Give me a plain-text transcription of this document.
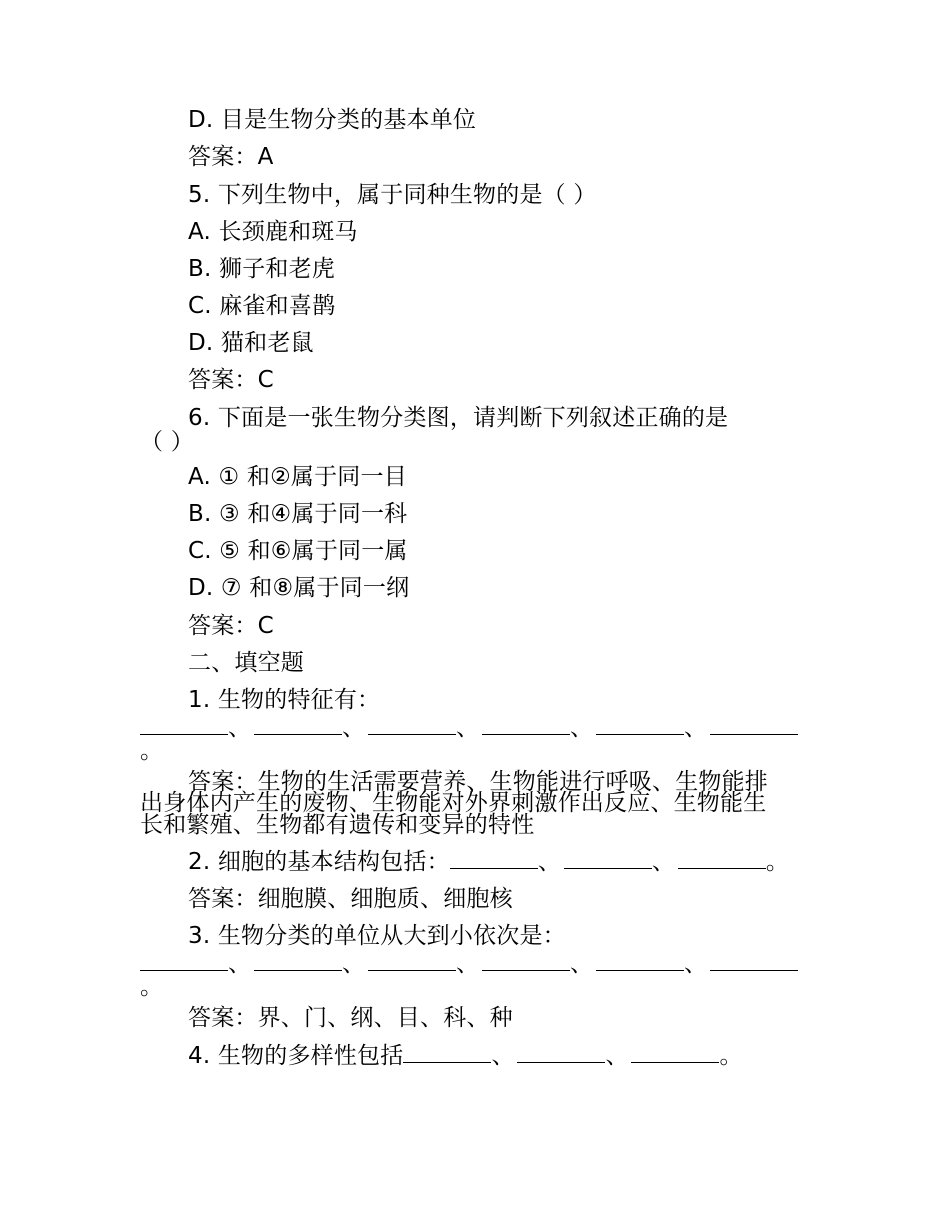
D. 目是生物分类的基本单位
答案：A
5. 下列生物中，属于同种生物的是（ ）
A. 长颈鹿和斑马
B. 狮子和老虎
C. 麻雀和喜鹊
D. 猫和老鼠
答案：C
6. 下面是一张生物分类图，请判断下列叙述正确的是
（ ）
A. ① 和②属于同一目
B. ③ 和④属于同一科
C. ⑤ 和⑥属于同一属
D. ⑦ 和⑧属于同一纲
答案：C
二、填空题
1. 生物的特征有：
、	、	、	、	、
。
答案：生物的生活需要营养、生物能进行呼吸、生物能排
出身体内产生的废物、生物能对外界刺激作出反应、生物能生
长和繁殖、生物都有遗传和变异的特性
2. 细胞的基本结构包括：	、	、	。
答案：细胞膜、细胞质、细胞核
3. 生物分类的单位从大到小依次是：
、	、	、	、	、
。
答案：界、门、纲、目、科、种
4. 生物的多样性包括	、	、	。
